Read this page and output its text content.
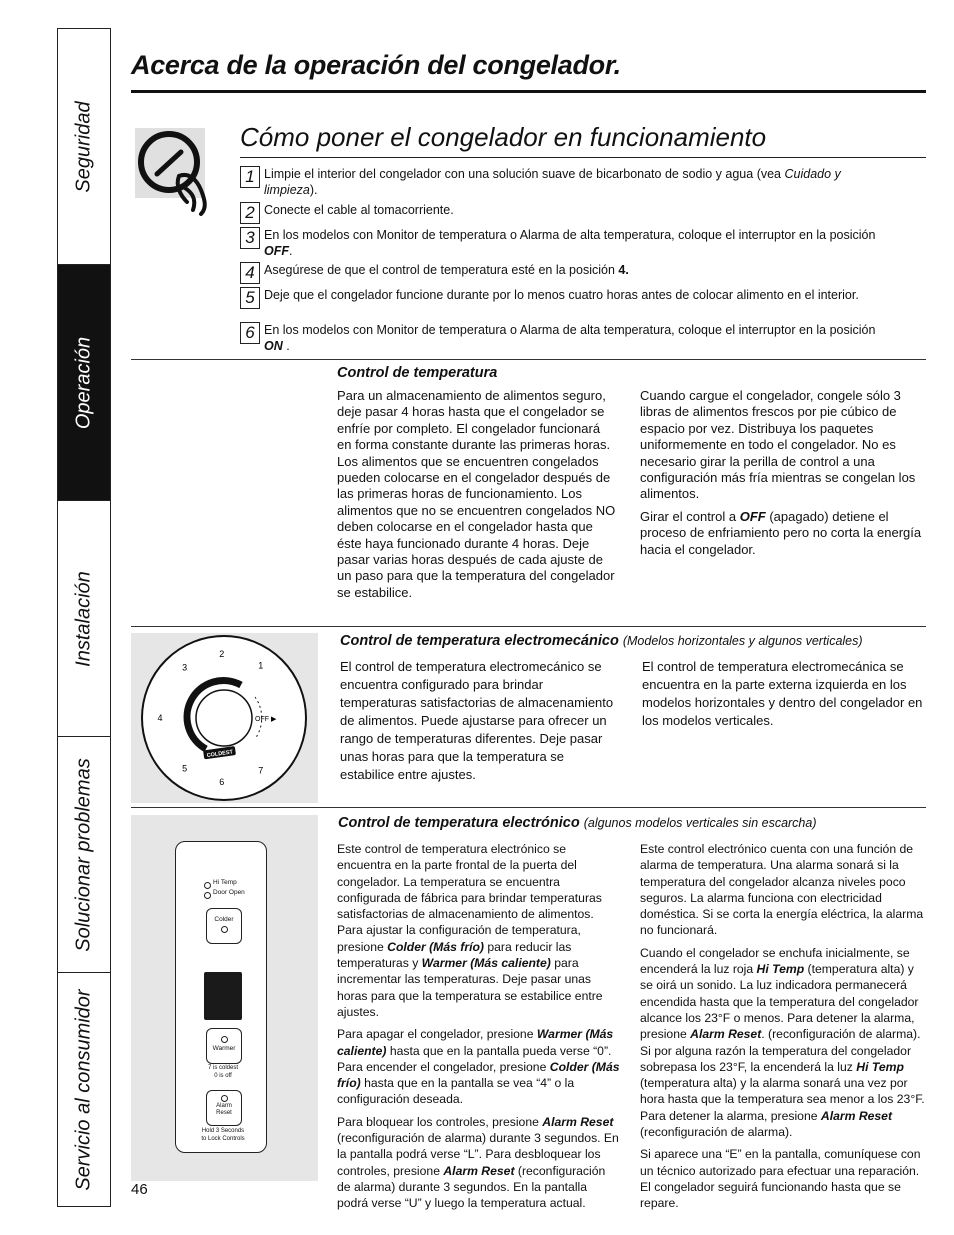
Seguridad
Operación
Instalación
Solucionar problemas
Servicio al consumidor
Acerca de la operación del congelador.
Cómo poner el congelador en funcionamiento
1 Limpie el interior del congelador con una solución suave de bicarbonato de sodio y agua (vea Cuidado y limpieza).
2 Conecte el cable al tomacorriente.
3 En los modelos con Monitor de temperatura o Alarma de alta temperatura, coloque el interruptor en la posición OFF.
4 Asegúrese de que el control de temperatura esté en la posición 4.
5 Deje que el congelador funcione durante por lo menos cuatro horas antes de colocar alimento en el interior.
6 En los modelos con Monitor de temperatura o Alarma de alta temperatura, coloque el interruptor en la posición ON .
Control de temperatura
Para un almacenamiento de alimentos seguro, deje pasar 4 horas hasta que el congelador se enfríe por completo. El congelador funcionará en forma constante durante las primeras horas. Los alimentos que se encuentren congelados pueden colocarse en el congelador después de las primeras horas de funcionamiento. Los alimentos que no se encuentren congelados NO deben colocarse en el congelador hasta que éste haya funcionado durante 4 horas. Deje pasar varias horas después de cada ajuste de un paso para que la temperatura del congelador se estabilice.

Cuando cargue el congelador, congele sólo 3 libras de alimentos frescos por pie cúbico de espacio por vez. Distribuya los paquetes uniformemente en todo el congelador. No es necesario girar la perilla de control a una configuración más fría mientras se congelan los alimentos.

Girar el control a OFF (apagado) detiene el proceso de enfriamiento pero no corta la energía hacia el congelador.

1
2
3
4
5
6
7
OFF ▶
COLDEST
Control de temperatura electromecánico (Modelos horizontales y algunos verticales)
El control de temperatura electromecánico se encuentra configurado para brindar temperaturas satisfactorias de almacenamiento de alimentos. Puede ajustarse para ofrecer un rango de temperaturas diferentes. Deje pasar unas horas para que la temperatura se estabilice entre ajustes.
El control de temperatura electromecánica se encuentra en la parte externa izquierda en los modelos horizontales y dentro del congelador en los modelos verticales.
Hi Temp
Door Open
Colder
Warmer
7 is coldest
0 is off
Alarm
Reset
Hold 3 Seconds
to Lock Controls
Control de temperatura electrónico (algunos modelos verticales sin escarcha)

Este control de temperatura electrónico se encuentra en la parte frontal de la puerta del congelador. La temperatura se encuentra configurada de fábrica para brindar temperaturas satisfactorias de almacenamiento de alimentos. Para ajustar la configuración de temperatura, presione Colder (Más frío) para reducir las temperaturas y Warmer (Más caliente) para incrementar las temperaturas. Deje pasar unas horas para que la temperatura se estabilice entre ajustes.

Para apagar el congelador, presione Warmer (Más caliente) hasta que en la pantalla pueda verse “0”. Para encender el congelador, presione Colder (Más frío) hasta que en la pantalla se vea “4” o la configuración deseada.

Para bloquear los controles, presione Alarm Reset (reconfiguración de alarma) durante 3 segundos. En la pantalla podrá verse “L”. Para desbloquear los controles, presione Alarm Reset (reconfiguración de alarma) durante 3 segundos. En la pantalla podrá verse “U” y luego la temperatura actual.

Este control electrónico cuenta con una función de alarma de temperatura. Una alarma sonará si la temperatura del congelador alcanza niveles poco seguros. La alarma funciona con electricidad doméstica. Si se corta la energía eléctrica, la alarma no funcionará.

Cuando el congelador se enchufa inicialmente, se encenderá la luz roja Hi Temp (temperatura alta) y se oirá un sonido. La luz indicadora permanecerá encendida hasta que la temperatura del congelador alcance los 23°F o menos. Para detener la alarma, presione Alarm Reset. (reconfiguración de alarma). Si por alguna razón la temperatura del congelador sobrepasa los 23°F, la encenderá la luz Hi Temp (temperatura alta) y la alarma sonará una vez por hora hasta que la temperatura sea menor a los 23°F. Para detener la alarma, presione Alarm Reset (reconfiguración de alarma).

Si aparece una “E” en la pantalla, comuníquese con un técnico autorizado para efectuar una reparación. El congelador seguirá funcionando hasta que se repare.

46
